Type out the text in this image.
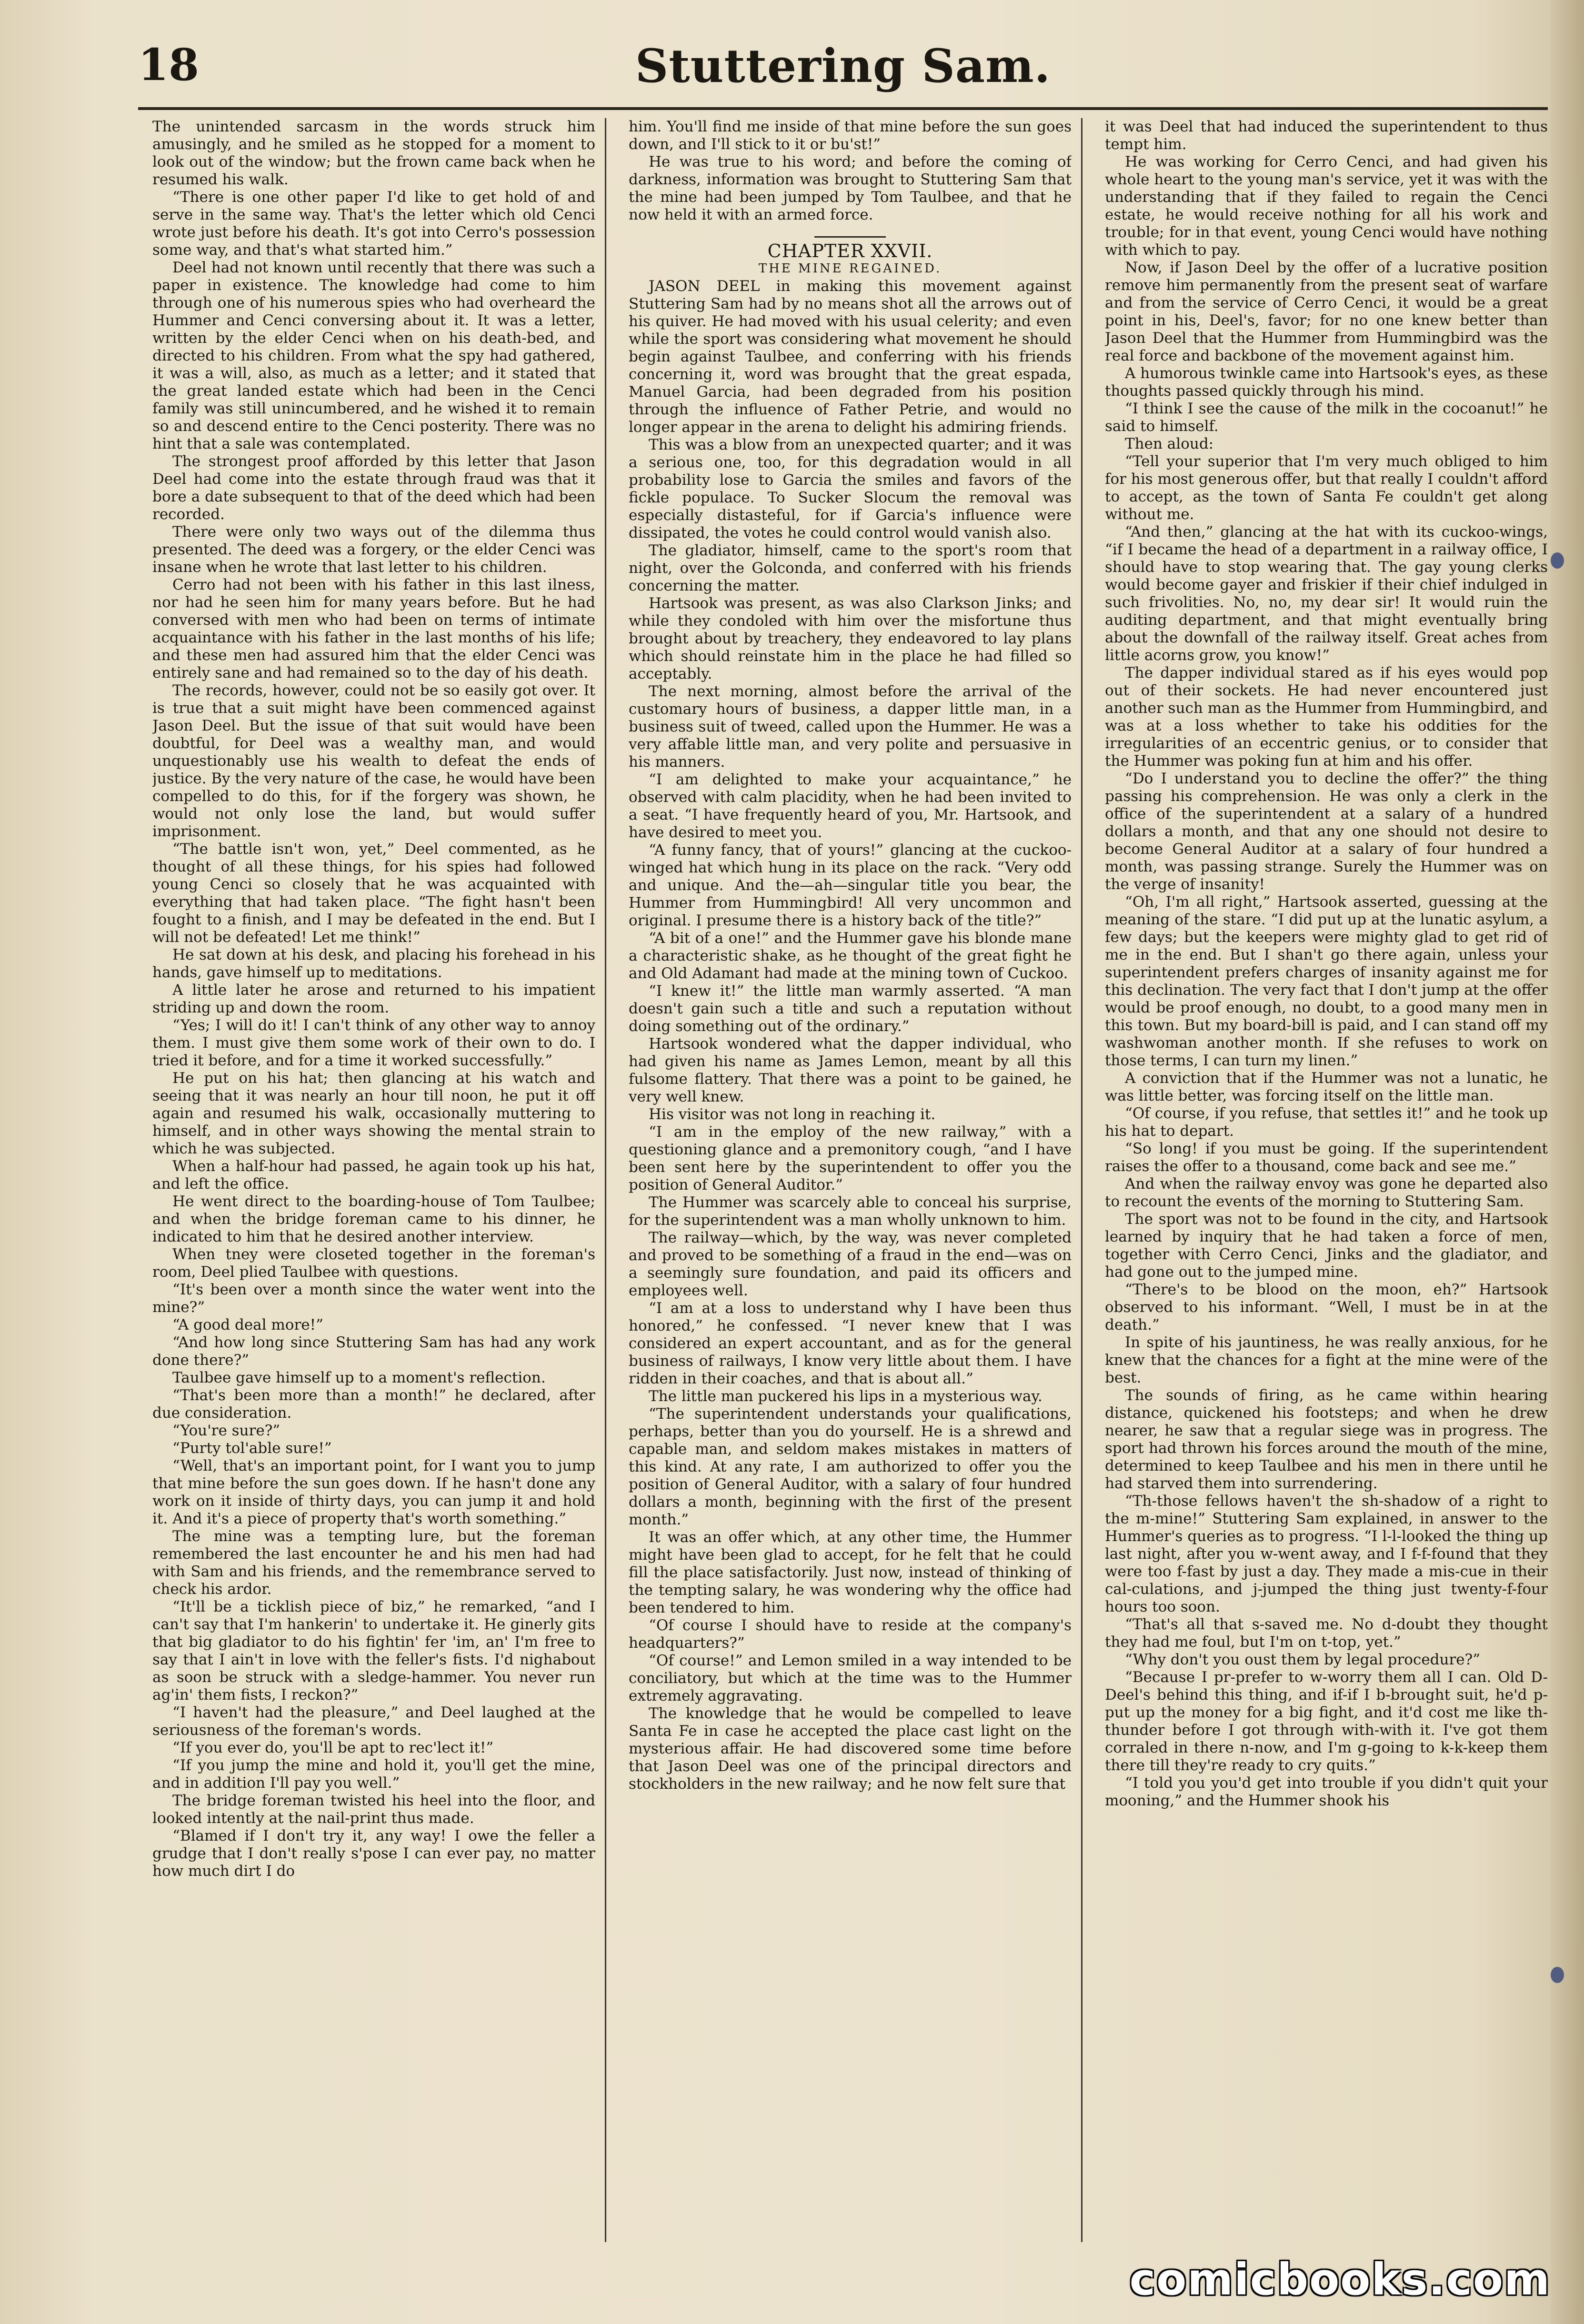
18	Stuttering Sam.

The unintended sarcasm in the words struck him amusingly, and he smiled as he stopped for a moment to look out of the window; but the frown came back when he resumed his walk.

“There is one other paper I'd like to get hold of and serve in the same way. That's the letter which old Cenci wrote just before his death. It's got into Cerro's possession some way, and that's what started him.”

Deel had not known until recently that there was such a paper in existence. The knowledge had come to him through one of his numerous spies who had overheard the Hummer and Cenci conversing about it. It was a letter, written by the elder Cenci when on his death-bed, and directed to his children. From what the spy had gathered, it was a will, also, as much as a letter; and it stated that the great landed estate which had been in the Cenci family was still unincumbered, and he wished it to remain so and descend entire to the Cenci posterity. There was no hint that a sale was contemplated.

The strongest proof afforded by this letter that Jason Deel had come into the estate through fraud was that it bore a date subsequent to that of the deed which had been recorded.

There were only two ways out of the dilemma thus presented. The deed was a forgery, or the elder Cenci was insane when he wrote that last letter to his children.

Cerro had not been with his father in this last ilness, nor had he seen him for many years before. But he had conversed with men who had been on terms of intimate acquaintance with his father in the last months of his life; and these men had assured him that the elder Cenci was entirely sane and had remained so to the day of his death.

The records, however, could not be so easily got over. It is true that a suit might have been commenced against Jason Deel. But the issue of that suit would have been doubtful, for Deel was a wealthy man, and would unquestionably use his wealth to defeat the ends of justice. By the very nature of the case, he would have been compelled to do this, for if the forgery was shown, he would not only lose the land, but would suffer imprisonment.

“The battle isn't won, yet,” Deel commented, as he thought of all these things, for his spies had followed young Cenci so closely that he was acquainted with everything that had taken place. “The fight hasn't been fought to a finish, and I may be defeated in the end. But I will not be defeated! Let me think!”

He sat down at his desk, and placing his forehead in his hands, gave himself up to meditations.

A little later he arose and returned to his impatient striding up and down the room.

“Yes; I will do it! I can't think of any other way to annoy them. I must give them some work of their own to do. I tried it before, and for a time it worked successfully.”

He put on his hat; then glancing at his watch and seeing that it was nearly an hour till noon, he put it off again and resumed his walk, occasionally muttering to himself, and in other ways showing the mental strain to which he was subjected.

When a half-hour had passed, he again took up his hat, and left the office.

He went direct to the boarding-house of Tom Taulbee; and when the bridge foreman came to his dinner, he indicated to him that he desired another interview.

When tney were closeted together in the foreman's room, Deel plied Taulbee with questions.

“It's been over a month since the water went into the mine?”

“A good deal more!”

“And how long since Stuttering Sam has had any work done there?”

Taulbee gave himself up to a moment's reflection.

“That's been more than a month!” he declared, after due consideration.

“You're sure?”

“Purty tol'able sure!”

“Well, that's an important point, for I want you to jump that mine before the sun goes down. If he hasn't done any work on it inside of thirty days, you can jump it and hold it. And it's a piece of property that's worth something.”

The mine was a tempting lure, but the foreman remembered the last encounter he and his men had had with Sam and his friends, and the remembrance served to check his ardor.

“It'll be a ticklish piece of biz,” he remarked, “and I can't say that I'm hankerin' to undertake it. He ginerly gits that big gladiator to do his fightin' fer 'im, an' I'm free to say that I ain't in love with the feller's fists. I'd nighabout as soon be struck with a sledge-hammer. You never run ag'in' them fists, I reckon?”

“I haven't had the pleasure,” and Deel laughed at the seriousness of the foreman's words.

“If you ever do, you'll be apt to rec'lect it!”

“If you jump the mine and hold it, you'll get the mine, and in addition I'll pay you well.”

The bridge foreman twisted his heel into the floor, and looked intently at the nail-print thus made.

“Blamed if I don't try it, any way! I owe the feller a grudge that I don't really s'pose I can ever pay, no matter how much dirt I do

him. You'll find me inside of that mine before the sun goes down, and I'll stick to it or bu'st!”

He was true to his word; and before the coming of darkness, information was brought to Stuttering Sam that the mine had been jumped by Tom Taulbee, and that he now held it with an armed force.

CHAPTER XXVII.

THE MINE REGAINED.

JASON DEEL in making this movement against Stuttering Sam had by no means shot all the arrows out of his quiver. He had moved with his usual celerity; and even while the sport was considering what movement he should begin against Taulbee, and conferring with his friends concerning it, word was brought that the great espada, Manuel Garcia, had been degraded from his position through the influence of Father Petrie, and would no longer appear in the arena to delight his admiring friends.

This was a blow from an unexpected quarter; and it was a serious one, too, for this degradation would in all probability lose to Garcia the smiles and favors of the fickle populace. To Sucker Slocum the removal was especially distasteful, for if Garcia's influence were dissipated, the votes he could control would vanish also.

The gladiator, himself, came to the sport's room that night, over the Golconda, and conferred with his friends concerning the matter.

Hartsook was present, as was also Clarkson Jinks; and while they condoled with him over the misfortune thus brought about by treachery, they endeavored to lay plans which should reinstate him in the place he had filled so acceptably.

The next morning, almost before the arrival of the customary hours of business, a dapper little man, in a business suit of tweed, called upon the Hummer. He was a very affable little man, and very polite and persuasive in his manners.

“I am delighted to make your acquaintance,” he observed with calm placidity, when he had been invited to a seat. “I have frequently heard of you, Mr. Hartsook, and have desired to meet you.

“A funny fancy, that of yours!” glancing at the cuckoo-winged hat which hung in its place on the rack. “Very odd and unique. And the—ah—singular title you bear, the Hummer from Hummingbird! All very uncommon and original. I presume there is a history back of the title?”

“A bit of a one!” and the Hummer gave his blonde mane a characteristic shake, as he thought of the great fight he and Old Adamant had made at the mining town of Cuckoo.

“I knew it!” the little man warmly asserted. “A man doesn't gain such a title and such a reputation without doing something out of the ordinary.”

Hartsook wondered what the dapper individual, who had given his name as James Lemon, meant by all this fulsome flattery. That there was a point to be gained, he very well knew.

His visitor was not long in reaching it.

“I am in the employ of the new railway,” with a questioning glance and a premonitory cough, “and I have been sent here by the superintendent to offer you the position of General Auditor.”

The Hummer was scarcely able to conceal his surprise, for the superintendent was a man wholly unknown to him.

The railway—which, by the way, was never completed and proved to be something of a fraud in the end—was on a seemingly sure foundation, and paid its officers and employees well.

“I am at a loss to understand why I have been thus honored,” he confessed. “I never knew that I was considered an expert accountant, and as for the general business of railways, I know very little about them. I have ridden in their coaches, and that is about all.”

The little man puckered his lips in a mysterious way.

“The superintendent understands your qualifications, perhaps, better than you do yourself. He is a shrewd and capable man, and seldom makes mistakes in matters of this kind. At any rate, I am authorized to offer you the position of General Auditor, with a salary of four hundred dollars a month, beginning with the first of the present month.”

It was an offer which, at any other time, the Hummer might have been glad to accept, for he felt that he could fill the place satisfactorily. Just now, instead of thinking of the tempting salary, he was wondering why the office had been tendered to him.

“Of course I should have to reside at the company's headquarters?”

“Of course!” and Lemon smiled in a way intended to be conciliatory, but which at the time was to the Hummer extremely aggravating.

The knowledge that he would be compelled to leave Santa Fe in case he accepted the place cast light on the mysterious affair. He had discovered some time before that Jason Deel was one of the principal directors and stockholders in the new railway; and he now felt sure that

it was Deel that had induced the superintendent to thus tempt him.

He was working for Cerro Cenci, and had given his whole heart to the young man's service, yet it was with the understanding that if they failed to regain the Cenci estate, he would receive nothing for all his work and trouble; for in that event, young Cenci would have nothing with which to pay.

Now, if Jason Deel by the offer of a lucrative position remove him permanently from the present seat of warfare and from the service of Cerro Cenci, it would be a great point in his, Deel's, favor; for no one knew better than Jason Deel that the Hummer from Hummingbird was the real force and backbone of the movement against him.

A humorous twinkle came into Hartsook's eyes, as these thoughts passed quickly through his mind.

“I think I see the cause of the milk in the cocoanut!” he said to himself.

Then aloud:

“Tell your superior that I'm very much obliged to him for his most generous offer, but that really I couldn't afford to accept, as the town of Santa Fe couldn't get along without me.

“And then,” glancing at the hat with its cuckoo-wings, “if I became the head of a department in a railway office, I should have to stop wearing that. The gay young clerks would become gayer and friskier if their chief indulged in such frivolities. No, no, my dear sir! It would ruin the auditing department, and that might eventually bring about the downfall of the railway itself. Great aches from little acorns grow, you know!”

The dapper individual stared as if his eyes would pop out of their sockets. He had never encountered just another such man as the Hummer from Hummingbird, and was at a loss whether to take his oddities for the irregularities of an eccentric genius, or to consider that the Hummer was poking fun at him and his offer.

“Do I understand you to decline the offer?” the thing passing his comprehension. He was only a clerk in the office of the superintendent at a salary of a hundred dollars a month, and that any one should not desire to become General Auditor at a salary of four hundred a month, was passing strange. Surely the Hummer was on the verge of insanity!

“Oh, I'm all right,” Hartsook asserted, guessing at the meaning of the stare. “I did put up at the lunatic asylum, a few days; but the keepers were mighty glad to get rid of me in the end. But I shan't go there again, unless your superintendent prefers charges of insanity against me for this declination. The very fact that I don't jump at the offer would be proof enough, no doubt, to a good many men in this town. But my board-bill is paid, and I can stand off my washwoman another month. If she refuses to work on those terms, I can turn my linen.”

A conviction that if the Hummer was not a lunatic, he was little better, was forcing itself on the little man.

“Of course, if you refuse, that settles it!” and he took up his hat to depart.

“So long! if you must be going. If the superintendent raises the offer to a thousand, come back and see me.”

And when the railway envoy was gone he departed also to recount the events of the morning to Stuttering Sam.

The sport was not to be found in the city, and Hartsook learned by inquiry that he had taken a force of men, together with Cerro Cenci, Jinks and the gladiator, and had gone out to the jumped mine.

“There's to be blood on the moon, eh?” Hartsook observed to his informant. “Well, I must be in at the death.”

In spite of his jauntiness, he was really anxious, for he knew that the chances for a fight at the mine were of the best.

The sounds of firing, as he came within hearing distance, quickened his footsteps; and when he drew nearer, he saw that a regular siege was in progress. The sport had thrown his forces around the mouth of the mine, determined to keep Taulbee and his men in there until he had starved them into surrendering.

“Th-those fellows haven't the sh-shadow of a right to the m-mine!” Stuttering Sam explained, in answer to the Hummer's queries as to progress. “I l-l-looked the thing up last night, after you w-went away, and I f-f-found that they were too f-fast by just a day. They made a mis-cue in their cal-culations, and j-jumped the thing just twenty-f-four hours too soon.

“That's all that s-saved me. No d-doubt they thought they had me foul, but I'm on t-top, yet.”

“Why don't you oust them by legal procedure?”

“Because I pr-prefer to w-worry them all I can. Old D-Deel's behind this thing, and if-if I b-brought suit, he'd p-put up the money for a big fight, and it'd cost me like th-thunder before I got through with-with it. I've got them corraled in there n-now, and I'm g-going to k-k-keep them there till they're ready to cry quits.”

“I told you you'd get into trouble if you didn't quit your mooning,” and the Hummer shook his

comicbooks.com
